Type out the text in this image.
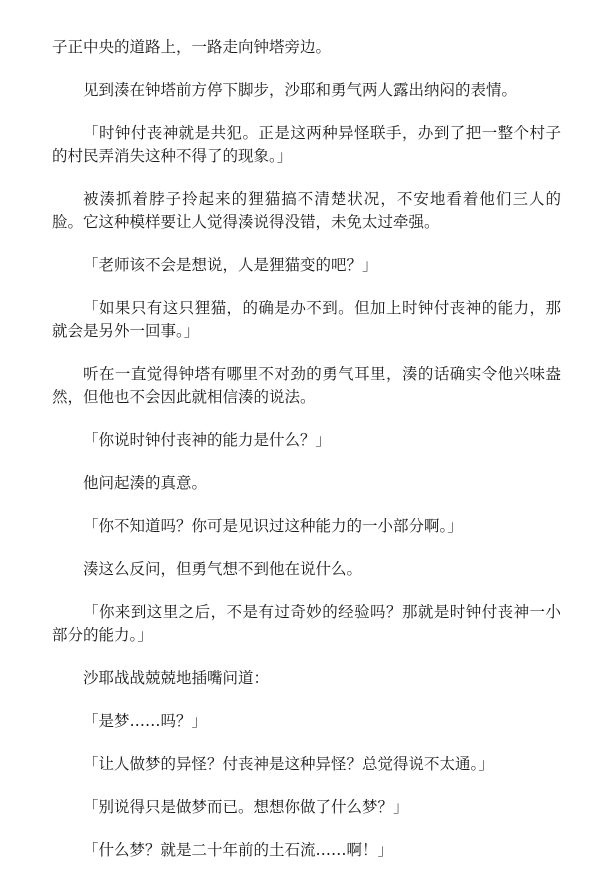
子正中央的道路上，一路走向钟塔旁边。

见到湊在钟塔前方停下脚步，沙耶和勇气两人露出纳闷的表情。

「时钟付丧神就是共犯。正是这两种异怪联手，办到了把一整个村子的村民弄消失这种不得了的现象。」

被湊抓着脖子拎起来的狸猫搞不清楚状况，不安地看着他们三人的脸。它这种模样要让人觉得湊说得没错，未免太过牵强。

「老师该不会是想说，人是狸猫变的吧？」

「如果只有这只狸猫，的确是办不到。但加上时钟付丧神的能力，那就会是另外一回事。」

听在一直觉得钟塔有哪里不对劲的勇气耳里，湊的话确实令他兴味盎然，但他也不会因此就相信湊的说法。

「你说时钟付丧神的能力是什么？」

他问起湊的真意。

「你不知道吗？你可是见识过这种能力的一小部分啊。」

湊这么反问，但勇气想不到他在说什么。

「你来到这里之后，不是有过奇妙的经验吗？那就是时钟付丧神一小部分的能力。」

沙耶战战兢兢地插嘴问道：

「是梦……吗？」

「让人做梦的异怪？付丧神是这种异怪？总觉得说不太通。」

「别说得只是做梦而已。想想你做了什么梦？」

「什么梦？就是二十年前的土石流……啊！」
